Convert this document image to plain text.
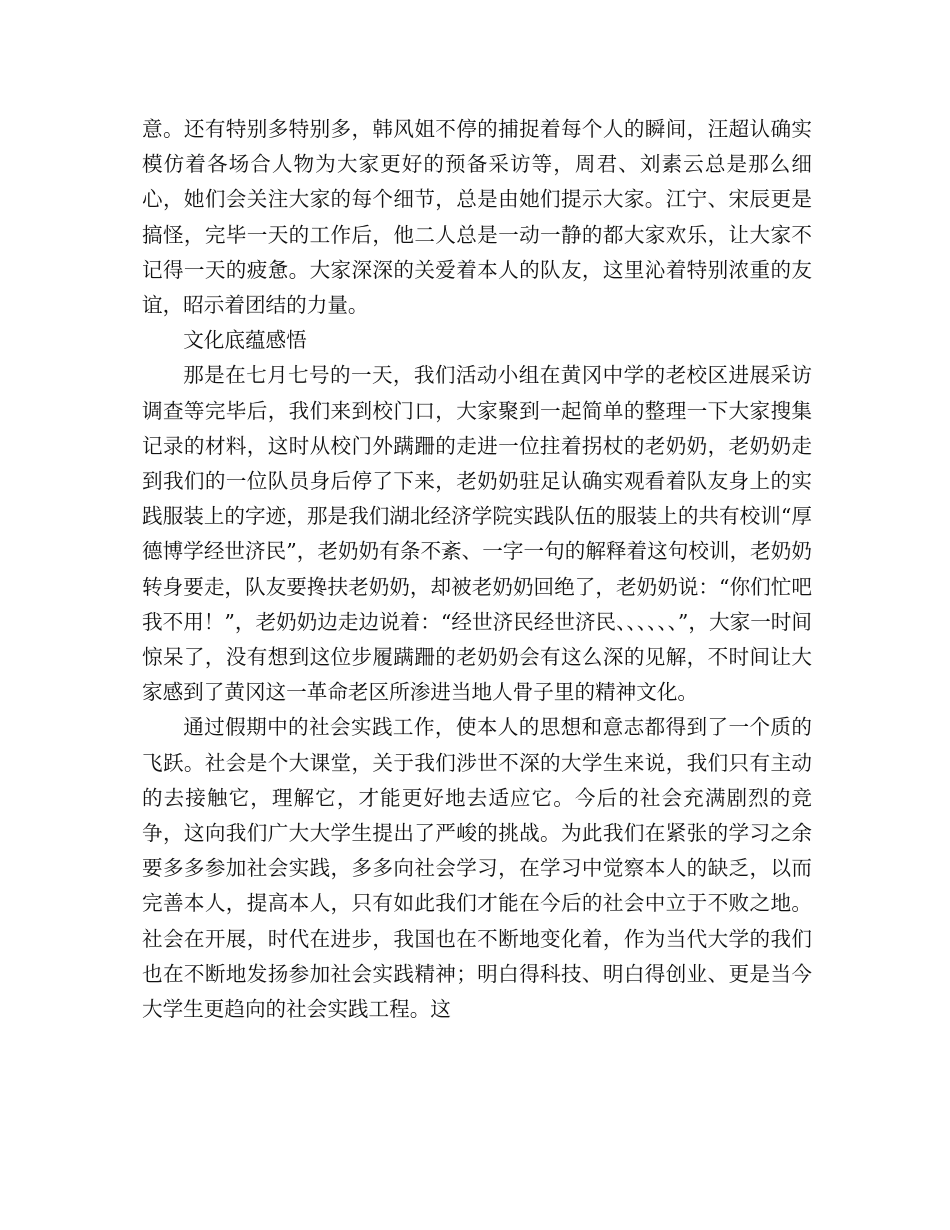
意。还有特别多特别多，韩风姐不停的捕捉着每个人的瞬间，汪超认确实模仿着各场合人物为大家更好的预备采访等，周君、刘素云总是那么细心，她们会关注大家的每个细节，总是由她们提示大家。江宁、宋辰更是搞怪，完毕一天的工作后，他二人总是一动一静的都大家欢乐，让大家不记得一天的疲惫。大家深深的关爱着本人的队友，这里沁着特别浓重的友谊，昭示着团结的力量。

文化底蕴感悟

那是在七月七号的一天，我们活动小组在黄冈中学的老校区进展采访调查等完毕后，我们来到校门口，大家聚到一起简单的整理一下大家搜集记录的材料，这时从校门外蹒跚的走进一位拄着拐杖的老奶奶，老奶奶走到我们的一位队员身后停了下来，老奶奶驻足认确实观看着队友身上的实践服装上的字迹，那是我们湖北经济学院实践队伍的服装上的共有校训“厚德博学经世济民”，老奶奶有条不紊、一字一句的解释着这句校训，老奶奶转身要走，队友要搀扶老奶奶，却被老奶奶回绝了，老奶奶说：“你们忙吧我不用！”，老奶奶边走边说着：“经世济民经世济民、、、、、、”，大家一时间惊呆了，没有想到这位步履蹒跚的老奶奶会有这么深的见解，不时间让大家感到了黄冈这一革命老区所渗进当地人骨子里的精神文化。

通过假期中的社会实践工作，使本人的思想和意志都得到了一个质的飞跃。社会是个大课堂，关于我们涉世不深的大学生来说，我们只有主动的去接触它，理解它，才能更好地去适应它。今后的社会充满剧烈的竞争，这向我们广大大学生提出了严峻的挑战。为此我们在紧张的学习之余要多多参加社会实践，多多向社会学习，在学习中觉察本人的缺乏，以而完善本人，提高本人，只有如此我们才能在今后的社会中立于不败之地。社会在开展，时代在进步，我国也在不断地变化着，作为当代大学的我们也在不断地发扬参加社会实践精神；明白得科技、明白得创业、更是当今大学生更趋向的社会实践工程。这
